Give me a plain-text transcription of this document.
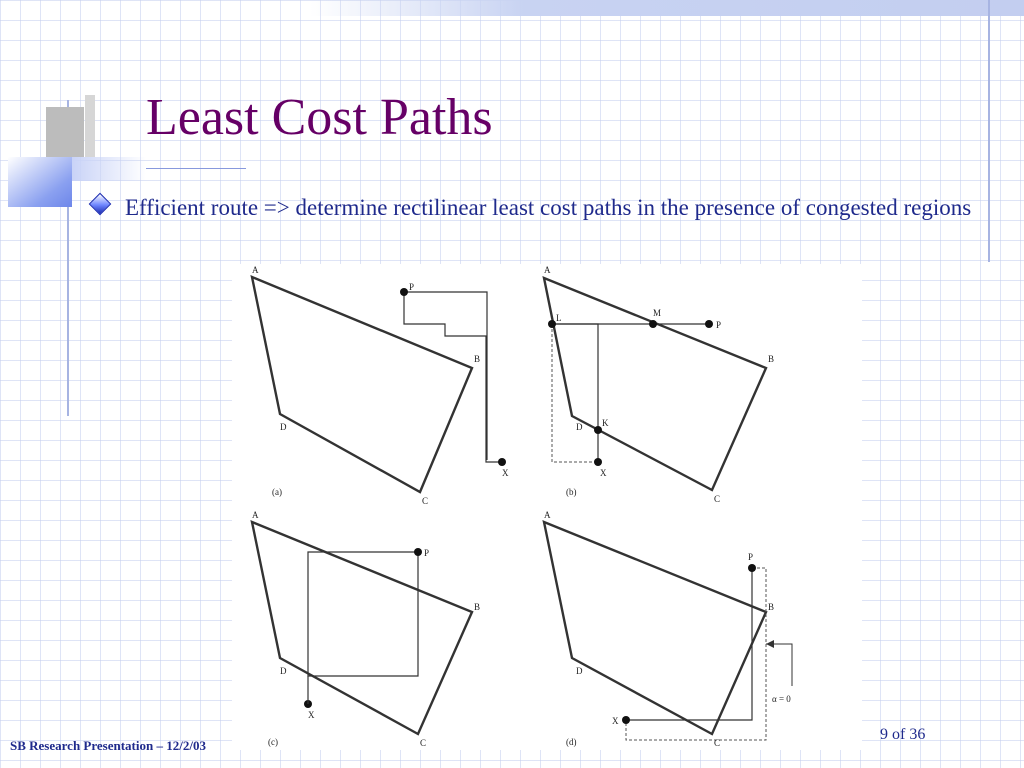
Least Cost Paths
Efficient route => determine rectilinear least cost paths in the presence of congested regions
A
B
C
D
P
X
(a)
A
B
C
D
P
X
L	M
K
(b)
A
B
C
D
P
X
(c)
A
B
C
D
P
X
α = 0
(d)
SB Research Presentation – 12/2/03
9 of 36
